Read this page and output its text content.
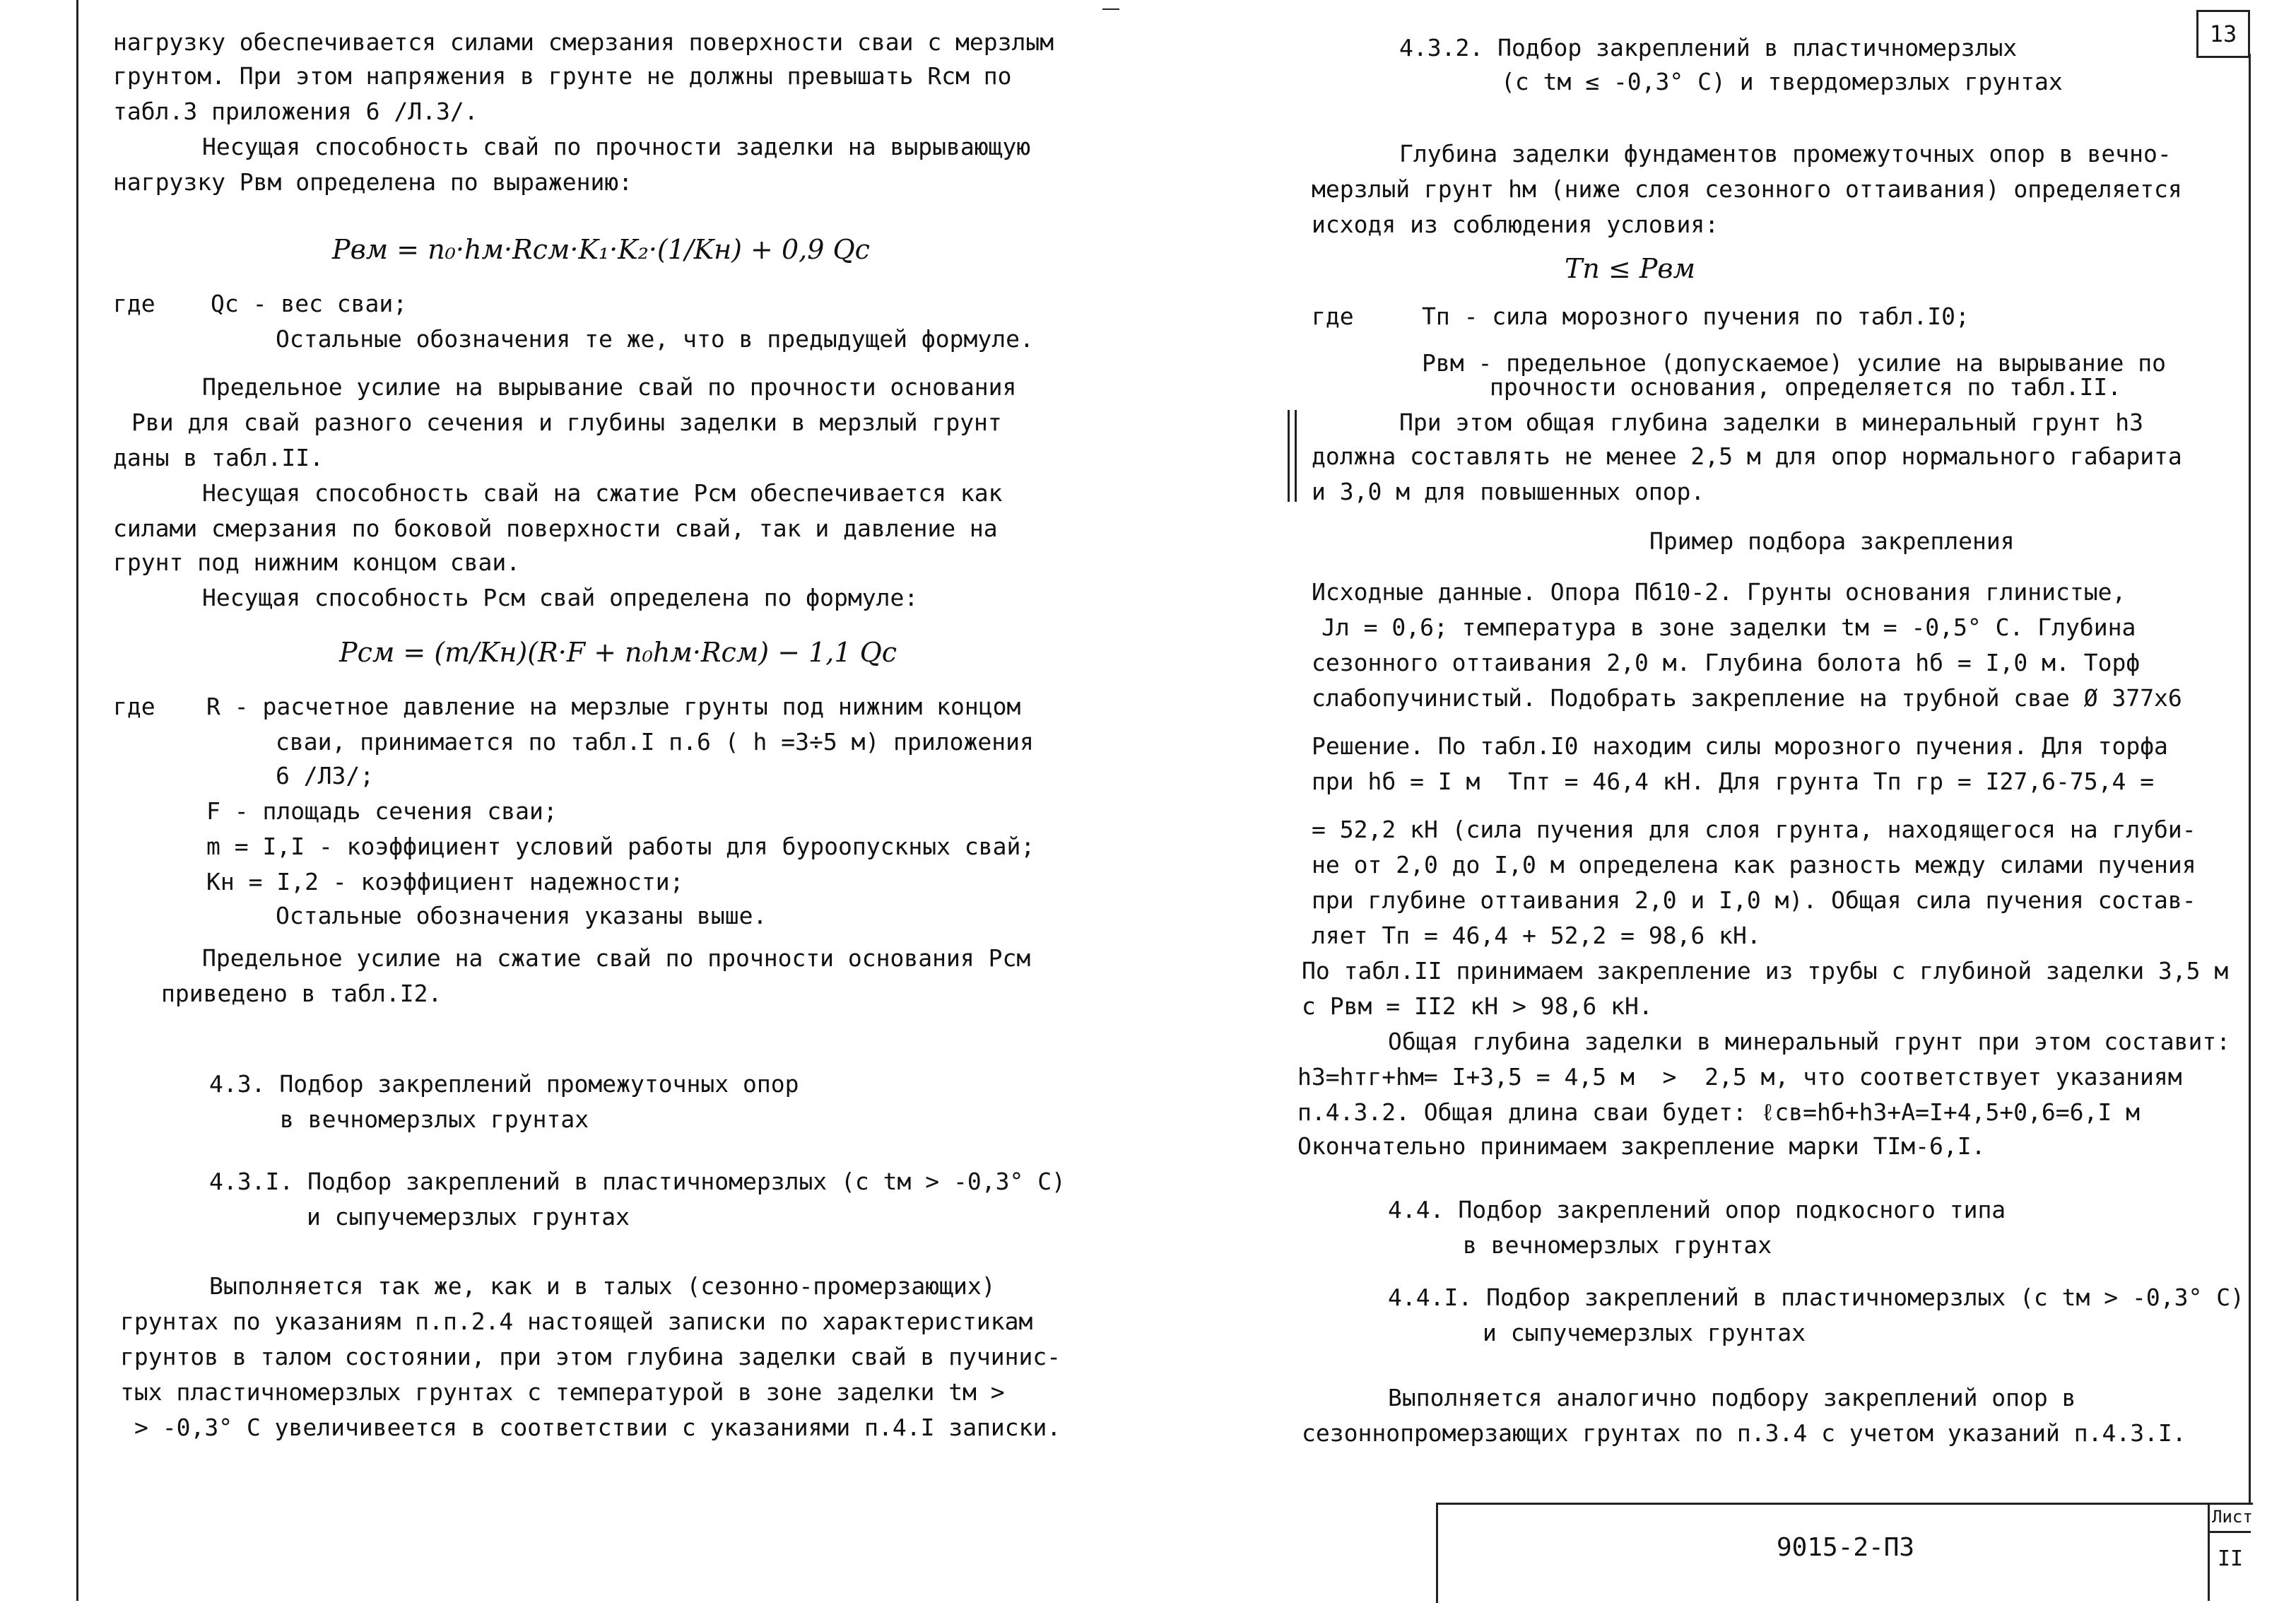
нагрузку обеспечивается силами смерзания поверхности сваи с мерзлым
грунтом. При этом напряжения в грунте не должны превышать Rсм по
табл.3 приложения 6 /Л.3/.
Несущая способность свай по прочности заделки на вырывающую
нагрузку Pвм определена по выражению:
Pвм = n₀·hм·Rсм·K₁·K₂·(1/Kн) + 0,9 Qc
где Qc - вес сваи;
Остальные обозначения те же, что в предыдущей формуле.
Предельное усилие на вырывание свай по прочности основания
Pви для свай разного сечения и глубины заделки в мерзлый грунт
даны в табл.II.
Несущая способность свай на сжатие Pсм обеспечивается как
силами смерзания по боковой поверхности свай, так и давление на
грунт под нижним концом сваи.
Несущая способность Pсм свай определена по формуле:
Pсм = (m/Kн)(R·F + n₀hм·Rсм) − 1,1 Qc
где R - расчетное давление на мерзлые грунты под нижним концом
сваи, принимается по табл.I п.6 ( h =3÷5 м) приложения
6 /Л3/;
F - площадь сечения сваи;
m = I,I - коэффициент условий работы для буроопускных свай;
Kн = I,2 - коэффициент надежности;
Остальные обозначения указаны выше.
Предельное усилие на сжатие свай по прочности основания Pсм
приведено в табл.I2.
4.3. Подбор закреплений промежуточных опор
в вечномерзлых грунтах
4.3.I. Подбор закреплений в пластичномерзлых (с tм > -0,3° С)
и сыпучемерзлых грунтах
Выполняется так же, как и в талых (сезонно-промерзающих)
грунтах по указаниям п.п.2.4 настоящей записки по характеристикам
грунтов в талом состоянии, при этом глубина заделки свай в пучинис-
тых пластичномерзлых грунтах с температурой в зоне заделки tм >
> -0,3° С увеличивеется в соответствии с указаниями п.4.I записки.
13
4.3.2. Подбор закреплений в пластичномерзлых
(с tм ≤ -0,3° С) и твердомерзлых грунтах
Глубина заделки фундаментов промежуточных опор в вечно-
мерзлый грунт hм (ниже слоя сезонного оттаивания) определяется
исходя из соблюдения условия:
Tп ≤ Pвм
где	Tп - сила морозного пучения по табл.I0;
Pвм - предельное (допускаемое) усилие на вырывание по
прочности основания, определяется по табл.II.
При этом общая глубина заделки в минеральный грунт h3
должна составлять не менее 2,5 м для опор нормального габарита
и 3,0 м для повышенных опор.
Пример подбора закрепления
Исходные данные. Опора Пб10-2. Грунты основания глинистые,
Jл = 0,6; температура в зоне заделки tм = -0,5° С. Глубина
сезонного оттаивания 2,0 м. Глубина болота hб = I,0 м. Торф
слабопучинистый. Подобрать закрепление на трубной свае Ø 377x6
Решение. По табл.I0 находим силы морозного пучения. Для торфа
при hб = I м  Tпт = 46,4 кН. Для грунта Tп гр = I27,6-75,4 =
= 52,2 кН (сила пучения для слоя грунта, находящегося на глуби-
не от 2,0 до I,0 м определена как разность между силами пучения
при глубине оттаивания 2,0 и I,0 м). Общая сила пучения состав-
ляет Tп = 46,4 + 52,2 = 98,6 кН.
По табл.II принимаем закрепление из трубы с глубиной заделки 3,5 м
с Pвм = II2 кН > 98,6 кН.
Общая глубина заделки в минеральный грунт при этом составит:
h3=hтг+hм= I+3,5 = 4,5 м  >  2,5 м, что соответствует указаниям
п.4.3.2. Общая длина сваи будет: ℓсв=hб+h3+A=I+4,5+0,6=6,I м
Окончательно принимаем закрепление марки TIм-6,I.
4.4. Подбор закреплений опор подкосного типа
в вечномерзлых грунтах
4.4.I. Подбор закреплений в пластичномерзлых (с tм > -0,3° С)
и сыпучемерзлых грунтах
Выполняется аналогично подбору закреплений опор в
сезоннопромерзающих грунтах по п.3.4 с учетом указаний п.4.3.I.
9015-2-ПЗ
Лист
II
